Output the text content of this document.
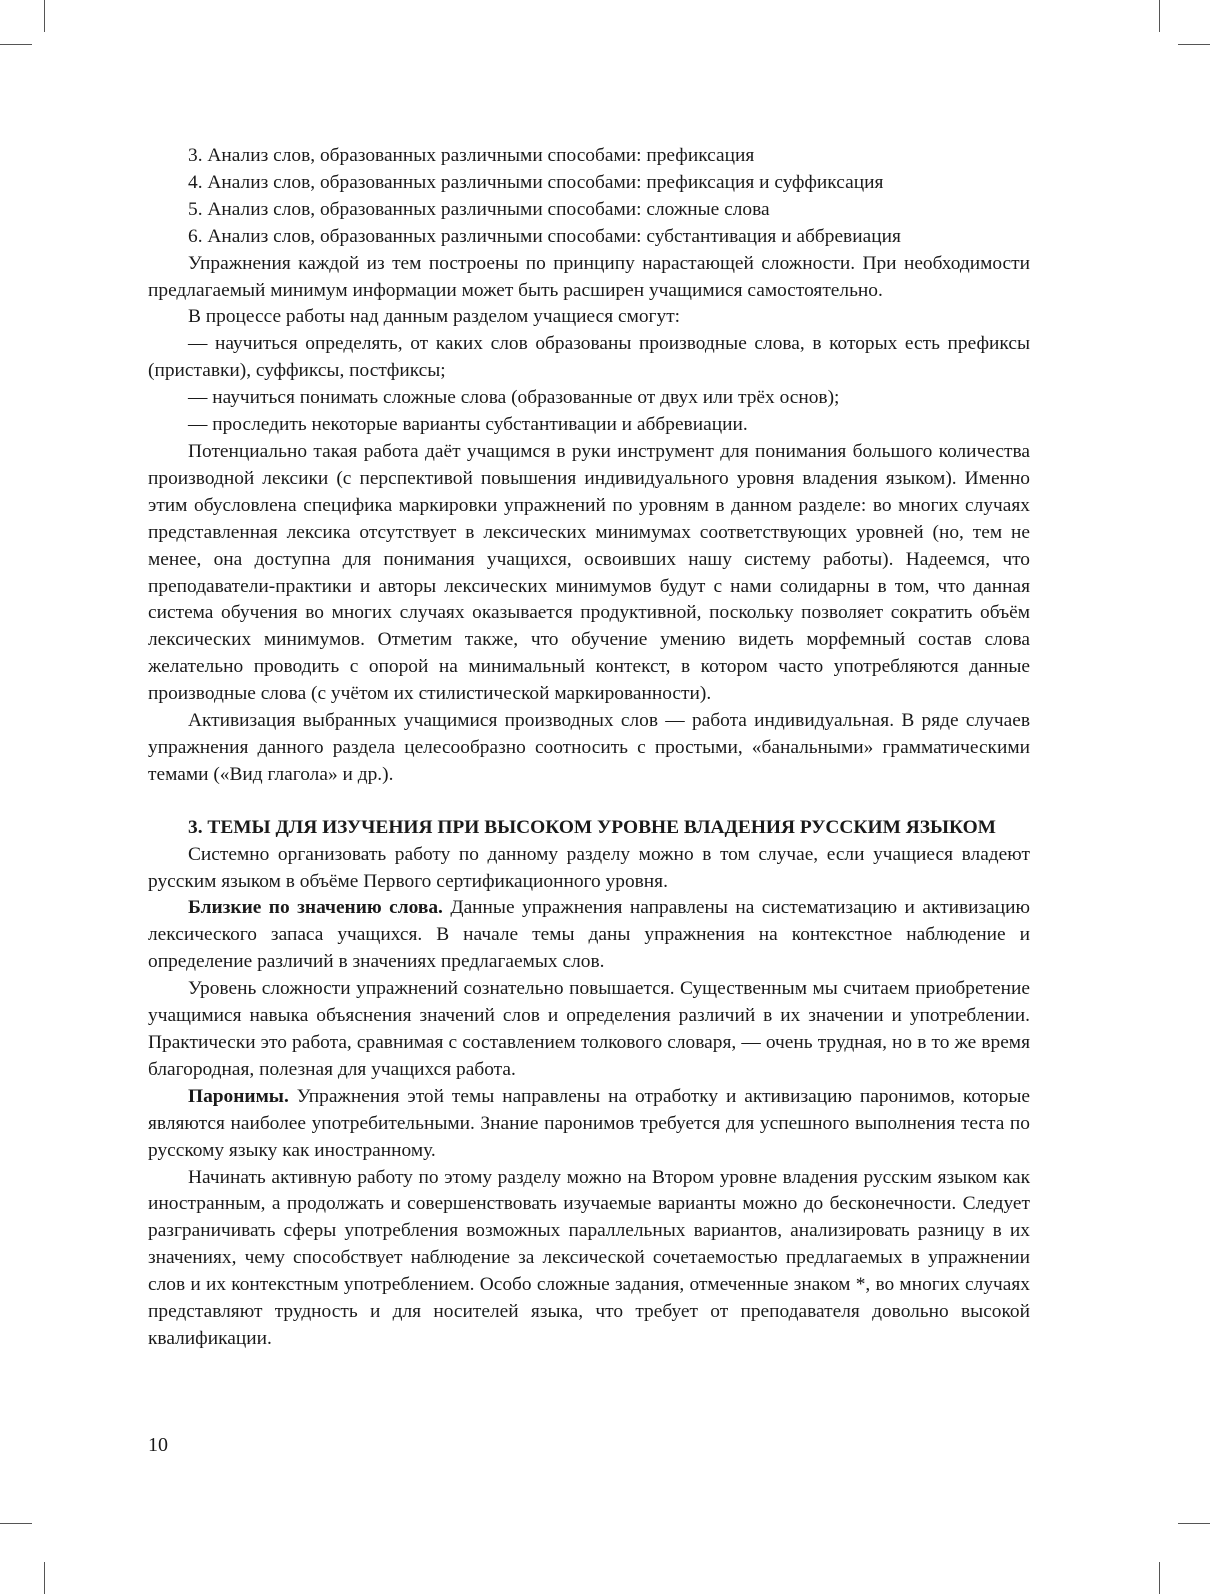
3. Анализ слов, образованных различными способами: префиксация

4. Анализ слов, образованных различными способами: префиксация и суффиксация

5. Анализ слов, образованных различными способами: сложные слова

6. Анализ слов, образованных различными способами: субстантивация и аббревиация

Упражнения каждой из тем построены по принципу нарастающей сложности. При необходимости предлагаемый минимум информации может быть расширен учащимися самостоятельно.

В процессе работы над данным разделом учащиеся смогут:

— научиться определять, от каких слов образованы производные слова, в которых есть префиксы (приставки), суффиксы, постфиксы;

— научиться понимать сложные слова (образованные от двух или трёх основ);

— проследить некоторые варианты субстантивации и аббревиации.

Потенциально такая работа даёт учащимся в руки инструмент для понимания большого количества производной лексики (с перспективой повышения индивидуального уровня владения языком). Именно этим обусловлена специфика маркировки упражнений по уровням в данном разделе: во многих случаях представленная лексика отсутствует в лексических минимумах соответствующих уровней (но, тем не менее, она доступна для понимания учащихся, освоивших нашу систему работы). Надеемся, что преподаватели-практики и авторы лексических минимумов будут с нами солидарны в том, что данная система обучения во многих случаях оказывается продуктивной, поскольку позволяет сократить объём лексических минимумов. Отметим также, что обучение умению видеть морфемный состав слова желательно проводить с опорой на минимальный контекст, в котором часто употребляются данные производные слова (с учётом их стилистической маркированности).

Активизация выбранных учащимися производных слов — работа индивидуальная. В ряде случаев упражнения данного раздела целесообразно соотносить с простыми, «банальными» грамматическими темами («Вид глагола» и др.).

3. ТЕМЫ ДЛЯ ИЗУЧЕНИЯ ПРИ ВЫСОКОМ УРОВНЕ ВЛАДЕНИЯ РУССКИМ ЯЗЫКОМ

Системно организовать работу по данному разделу можно в том случае, если учащиеся владеют русским языком в объёме Первого сертификационного уровня.

Близкие по значению слова. Данные упражнения направлены на систематизацию и активизацию лексического запаса учащихся. В начале темы даны упражнения на контекстное наблюдение и определение различий в значениях предлагаемых слов.

Уровень сложности упражнений сознательно повышается. Существенным мы считаем приобретение учащимися навыка объяснения значений слов и определения различий в их значении и употреблении. Практически это работа, сравнимая с составлением толкового словаря, — очень трудная, но в то же время благородная, полезная для учащихся работа.

Паронимы. Упражнения этой темы направлены на отработку и активизацию паронимов, которые являются наиболее употребительными. Знание паронимов требуется для успешного выполнения теста по русскому языку как иностранному.

Начинать активную работу по этому разделу можно на Втором уровне владения русским языком как иностранным, а продолжать и совершенствовать изучаемые варианты можно до бесконечности. Следует разграничивать сферы употребления возможных параллельных вариантов, анализировать разницу в их значениях, чему способствует наблюдение за лексической сочетаемостью предлагаемых в упражнении слов и их контекстным употреблением. Особо сложные задания, отмеченные знаком *, во многих случаях представляют трудность и для носителей языка, что требует от преподавателя довольно высокой квалификации.

10
